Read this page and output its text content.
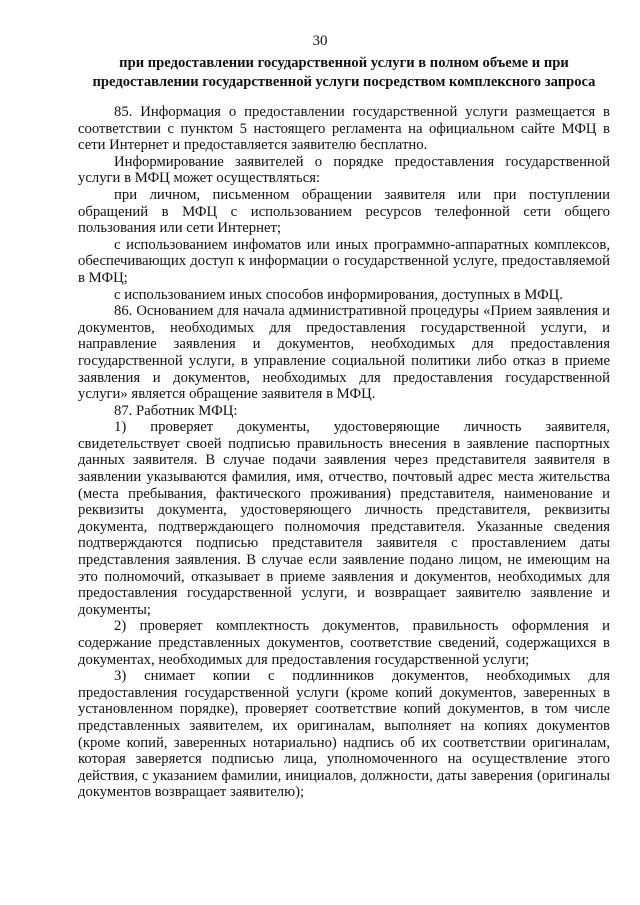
30
при предоставлении государственной услуги в полном объеме и при
предоставлении государственной услуги посредством комплексного запроса

85. Информация о предоставлении государственной услуги размещается в соответствии с пунктом 5 настоящего регламента на официальном сайте МФЦ в сети Интернет и предоставляется заявителю бесплатно.

Информирование заявителей о порядке предоставления государственной услуги в МФЦ может осуществляться:

при личном, письменном обращении заявителя или при поступлении обращений в МФЦ с использованием ресурсов телефонной сети общего пользования или сети Интернет;

с использованием инфоматов или иных программно-аппаратных комплексов, обеспечивающих доступ к информации о государственной услуге, предоставляемой в МФЦ;

с использованием иных способов информирования, доступных в МФЦ.

86. Основанием для начала административной процедуры «Прием заявления и документов, необходимых для предоставления государственной услуги, и направление заявления и документов, необходимых для предоставления государственной услуги, в управление социальной политики либо отказ в приеме заявления и документов, необходимых для предоставления государственной услуги» является обращение заявителя в МФЦ.

87. Работник МФЦ:

1) проверяет документы, удостоверяющие личность заявителя, свидетельствует своей подписью правильность внесения в заявление паспортных данных заявителя. В случае подачи заявления через представителя заявителя в заявлении указываются фамилия, имя, отчество, почтовый адрес места жительства (места пребывания, фактического проживания) представителя, наименование и реквизиты документа, удостоверяющего личность представителя, реквизиты документа, подтверждающего полномочия представителя. Указанные сведения подтверждаются подписью представителя заявителя с проставлением даты представления заявления. В случае если заявление подано лицом, не имеющим на это полномочий, отказывает в приеме заявления и документов, необходимых для предоставления государственной услуги, и возвращает заявителю заявление и документы;

2) проверяет комплектность документов, правильность оформления и содержание представленных документов, соответствие сведений, содержащихся в документах, необходимых для предоставления государственной услуги;

3) снимает копии с подлинников документов, необходимых для предоставления государственной услуги (кроме копий документов, заверенных в установленном порядке), проверяет соответствие копий документов, в том числе представленных заявителем, их оригиналам, выполняет на копиях документов (кроме копий, заверенных нотариально) надпись об их соответствии оригиналам, которая заверяется подписью лица, уполномоченного на осуществление этого действия, с указанием фамилии, инициалов, должности, даты заверения (оригиналы документов возвращает заявителю);
